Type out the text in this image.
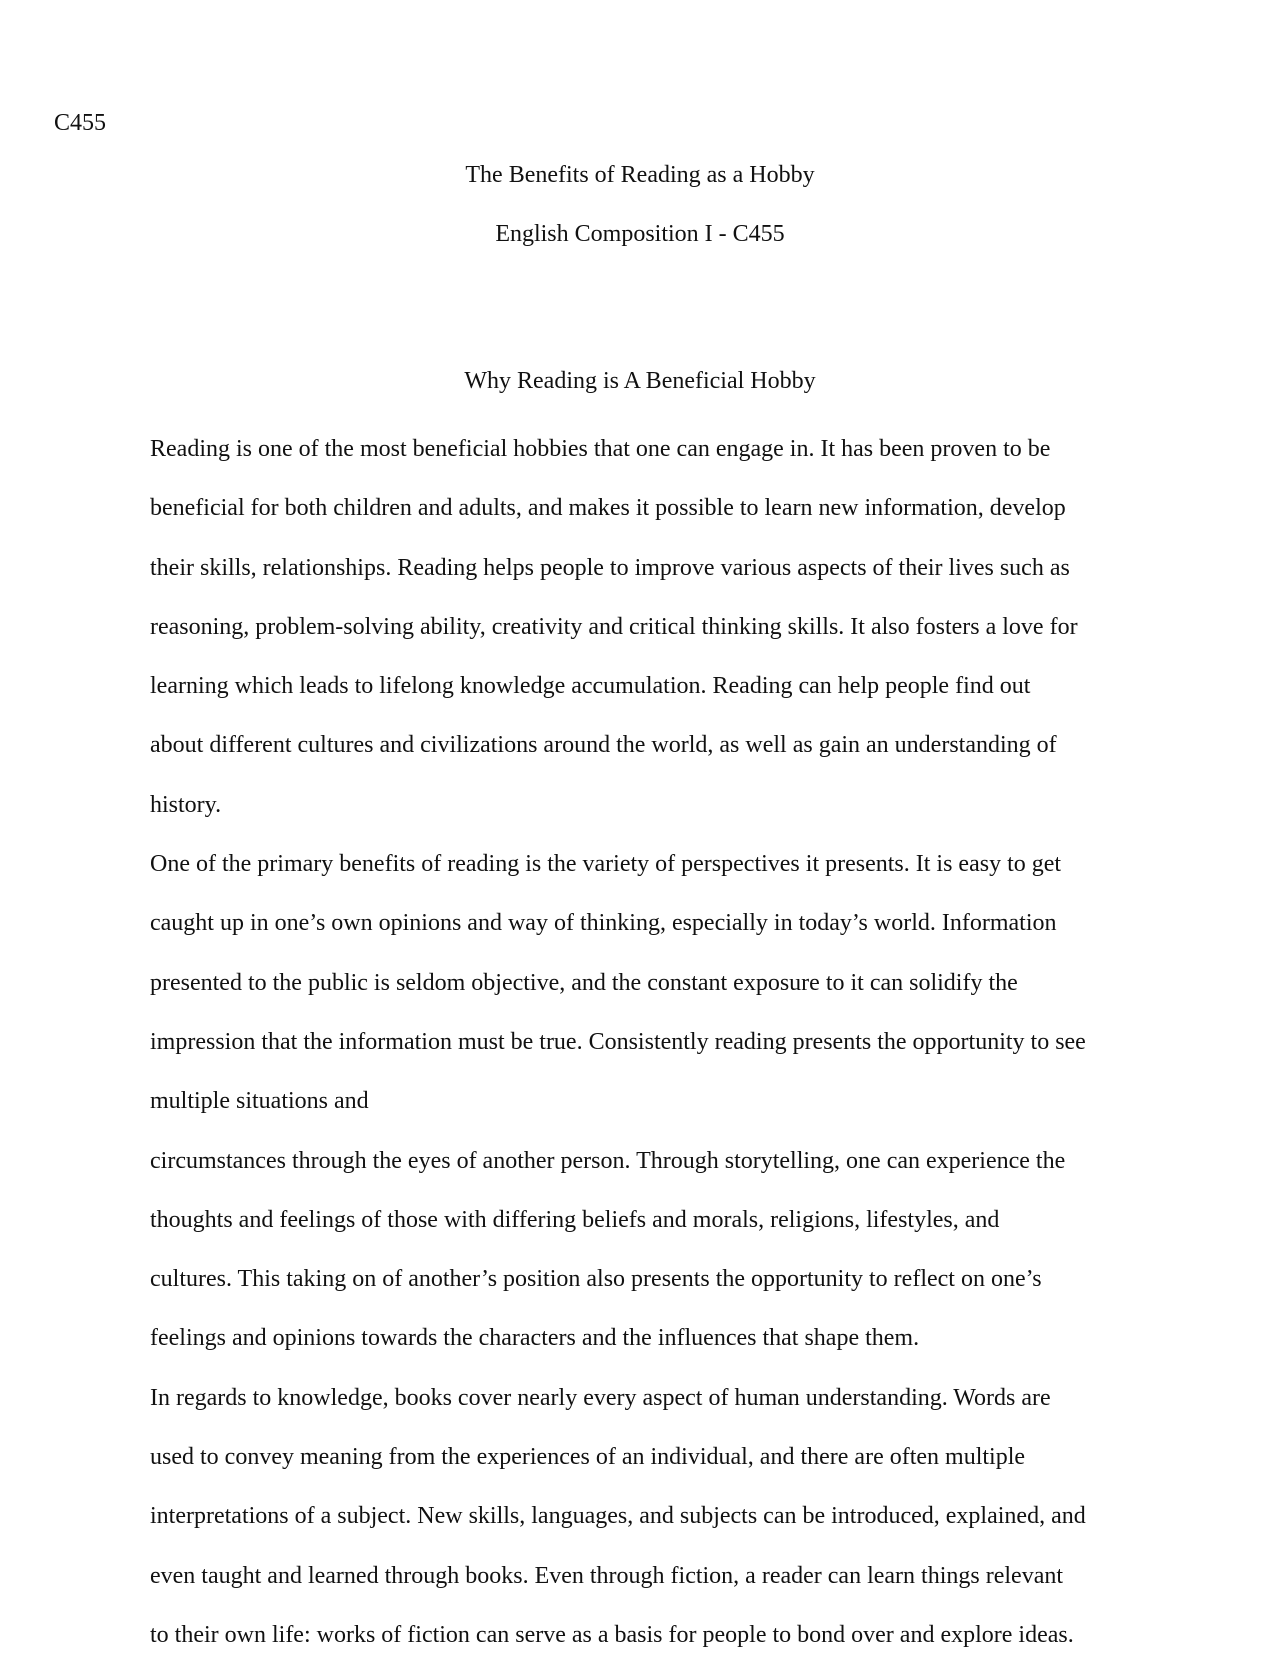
C455
The Benefits of Reading as a Hobby
English Composition I - C455
Why Reading is A Beneficial Hobby
Reading is one of the most beneficial hobbies that one can engage in. It has been proven to be
beneficial for both children and adults, and makes it possible to learn new information, develop
their skills, relationships. Reading helps people to improve various aspects of their lives such as
reasoning, problem-solving ability, creativity and critical thinking skills. It also fosters a love for
learning which leads to lifelong knowledge accumulation. Reading can help people find out
about different cultures and civilizations around the world, as well as gain an understanding of
history.
One of the primary benefits of reading is the variety of perspectives it presents. It is easy to get
caught up in one’s own opinions and way of thinking, especially in today’s world. Information
presented to the public is seldom objective, and the constant exposure to it can solidify the
impression that the information must be true. Consistently reading presents the opportunity to see
multiple situations and
circumstances through the eyes of another person. Through storytelling, one can experience the
thoughts and feelings of those with differing beliefs and morals, religions, lifestyles, and
cultures. This taking on of another’s position also presents the opportunity to reflect on one’s
feelings and opinions towards the characters and the influences that shape them.
In regards to knowledge, books cover nearly every aspect of human understanding. Words are
used to convey meaning from the experiences of an individual, and there are often multiple
interpretations of a subject. New skills, languages, and subjects can be introduced, explained, and
even taught and learned through books. Even through fiction, a reader can learn things relevant
to their own life: works of fiction can serve as a basis for people to bond over and explore ideas.
